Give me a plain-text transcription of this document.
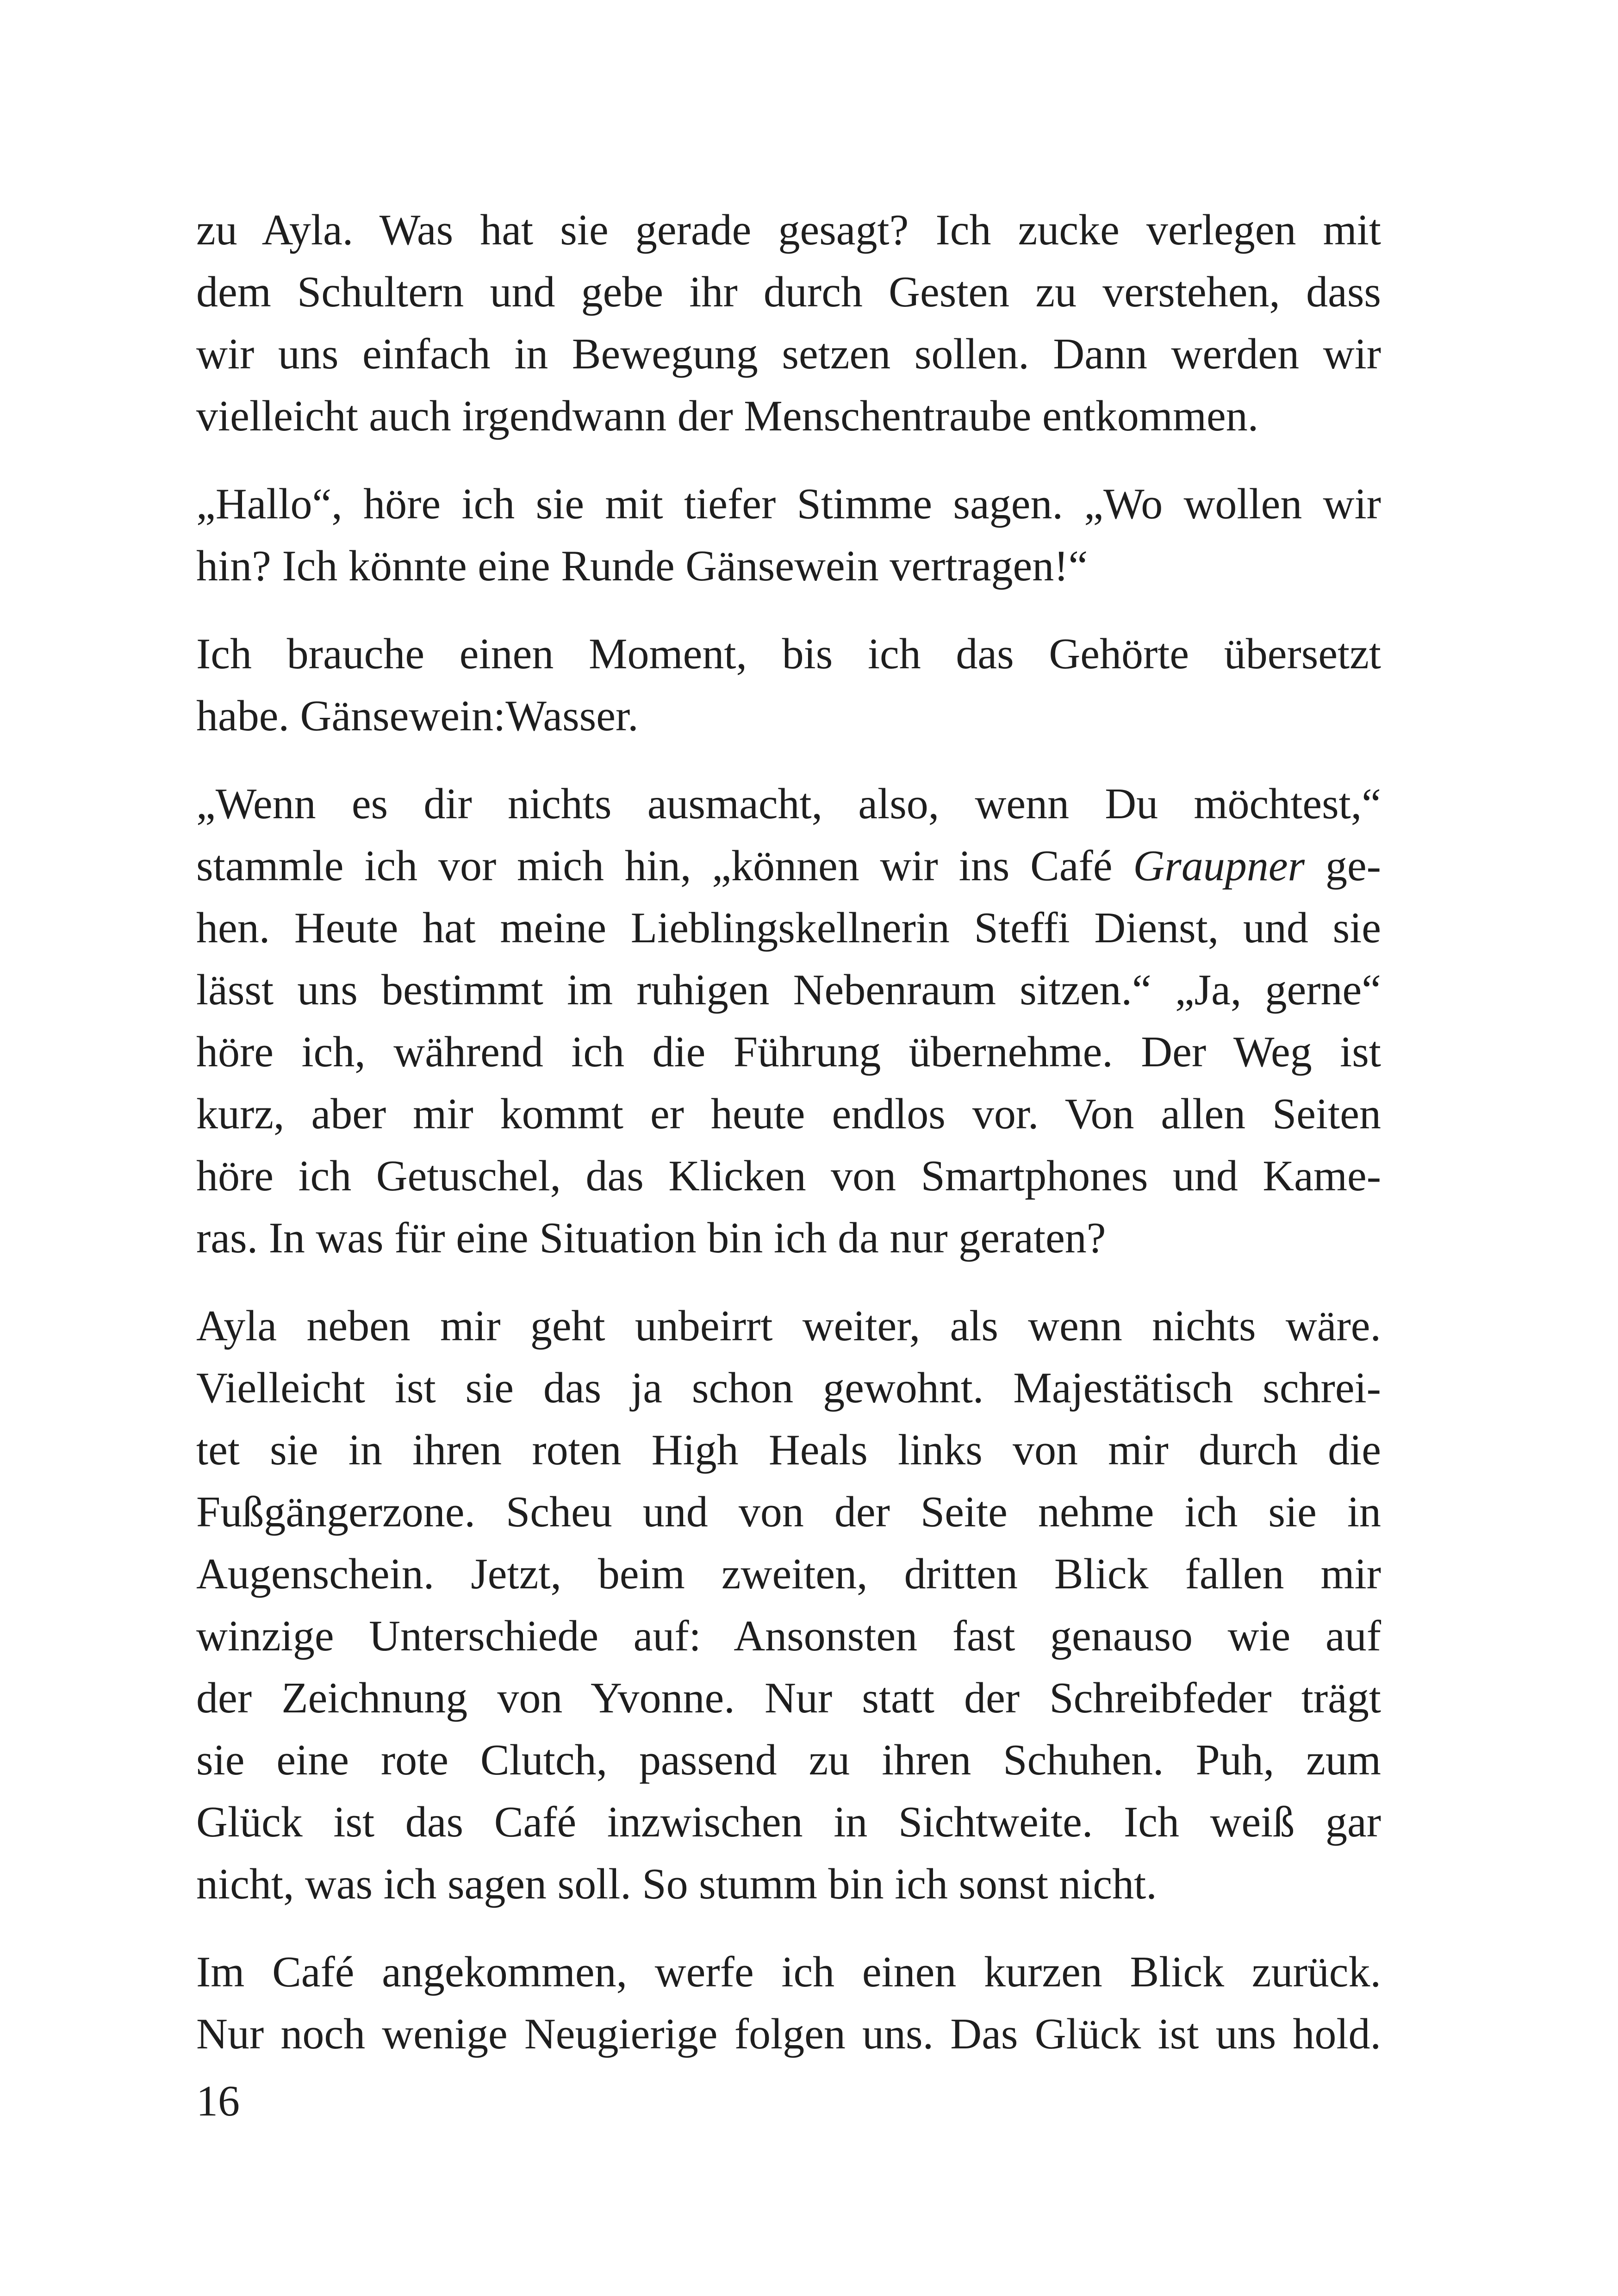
zu Ayla. Was hat sie gerade gesagt? Ich zucke verlegen mit
dem Schultern und gebe ihr durch Gesten zu verstehen, dass
wir uns einfach in Bewegung setzen sollen. Dann werden wir
vielleicht auch irgendwann der Menschentraube entkommen.

„Hallo“, höre ich sie mit tiefer Stimme sagen. „Wo wollen wir
hin? Ich könnte eine Runde Gänsewein vertragen!“

Ich brauche einen Moment, bis ich das Gehörte übersetzt
habe. Gänsewein:Wasser.

„Wenn es dir nichts ausmacht, also, wenn Du möchtest,“
stammle ich vor mich hin, „können wir ins Café Graupner ge-
hen. Heute hat meine Lieblingskellnerin Steffi Dienst, und sie
lässt uns bestimmt im ruhigen Nebenraum sitzen.“ „Ja, gerne“
höre ich, während ich die Führung übernehme. Der Weg ist
kurz, aber mir kommt er heute endlos vor. Von allen Seiten
höre ich Getuschel, das Klicken von Smartphones und Kame-
ras. In was für eine Situation bin ich da nur geraten?

Ayla neben mir geht unbeirrt weiter, als wenn nichts wäre.
Vielleicht ist sie das ja schon gewohnt. Majestätisch schrei-
tet sie in ihren roten High Heals links von mir durch die
Fußgängerzone. Scheu und von der Seite nehme ich sie in
Augenschein. Jetzt, beim zweiten, dritten Blick fallen mir
winzige Unterschiede auf: Ansonsten fast genauso wie auf
der Zeichnung von Yvonne. Nur statt der Schreibfeder trägt
sie eine rote Clutch, passend zu ihren Schuhen. Puh, zum
Glück ist das Café inzwischen in Sichtweite. Ich weiß gar
nicht, was ich sagen soll. So stumm bin ich sonst nicht.

Im Café angekommen, werfe ich einen kurzen Blick zurück.
Nur noch wenige Neugierige folgen uns. Das Glück ist uns hold.

16
